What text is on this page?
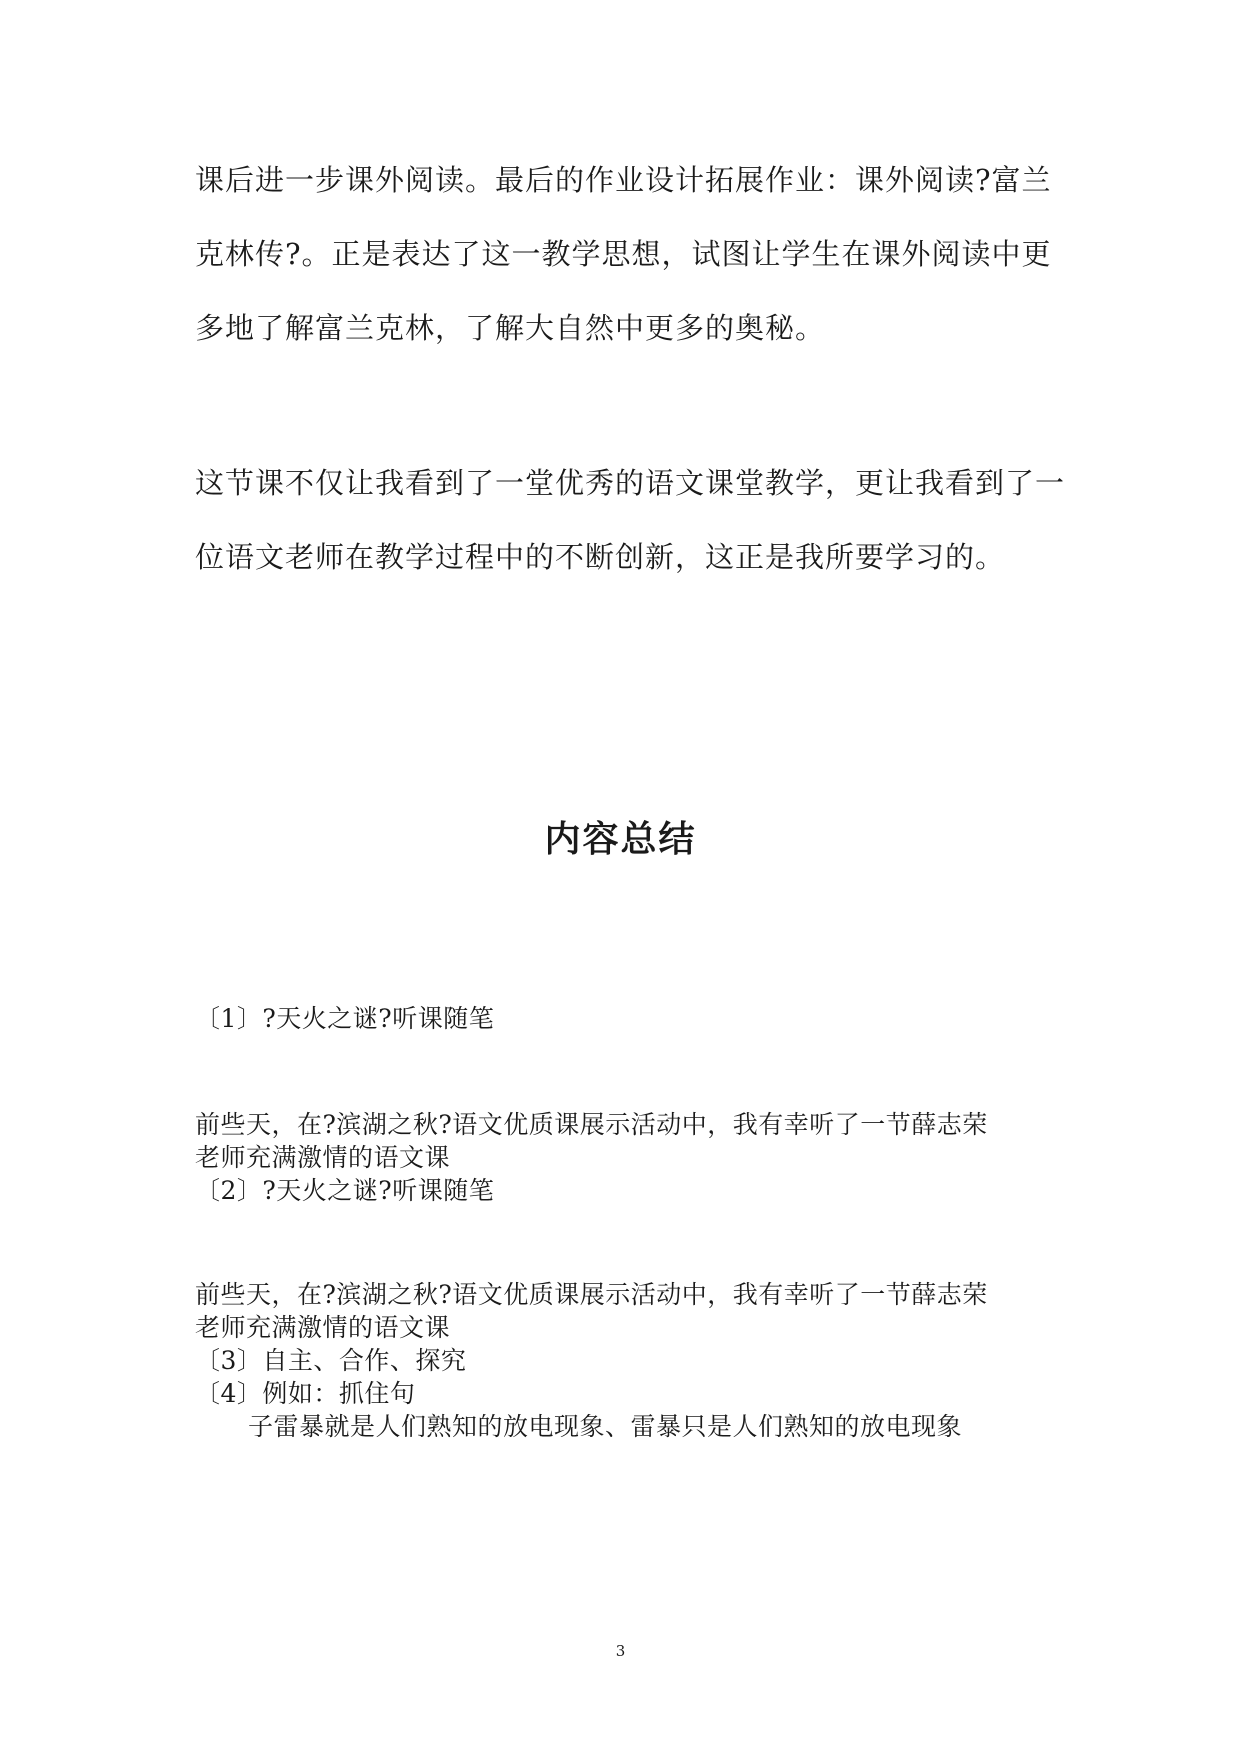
课后进一步课外阅读。最后的作业设计拓展作业：课外阅读?富兰
克林传?。正是表达了这一教学思想，试图让学生在课外阅读中更
多地了解富兰克林，了解大自然中更多的奥秘。
这节课不仅让我看到了一堂优秀的语文课堂教学，更让我看到了一
位语文老师在教学过程中的不断创新，这正是我所要学习的。
内容总结
〔1〕?天火之谜?听课随笔
前些天，在?滨湖之秋?语文优质课展示活动中，我有幸听了一节薛志荣
老师充满激情的语文课
〔2〕?天火之谜?听课随笔
前些天，在?滨湖之秋?语文优质课展示活动中，我有幸听了一节薛志荣
老师充满激情的语文课
〔3〕自主、合作、探究
〔4〕例如：抓住句
子雷暴就是人们熟知的放电现象、雷暴只是人们熟知的放电现象
3
